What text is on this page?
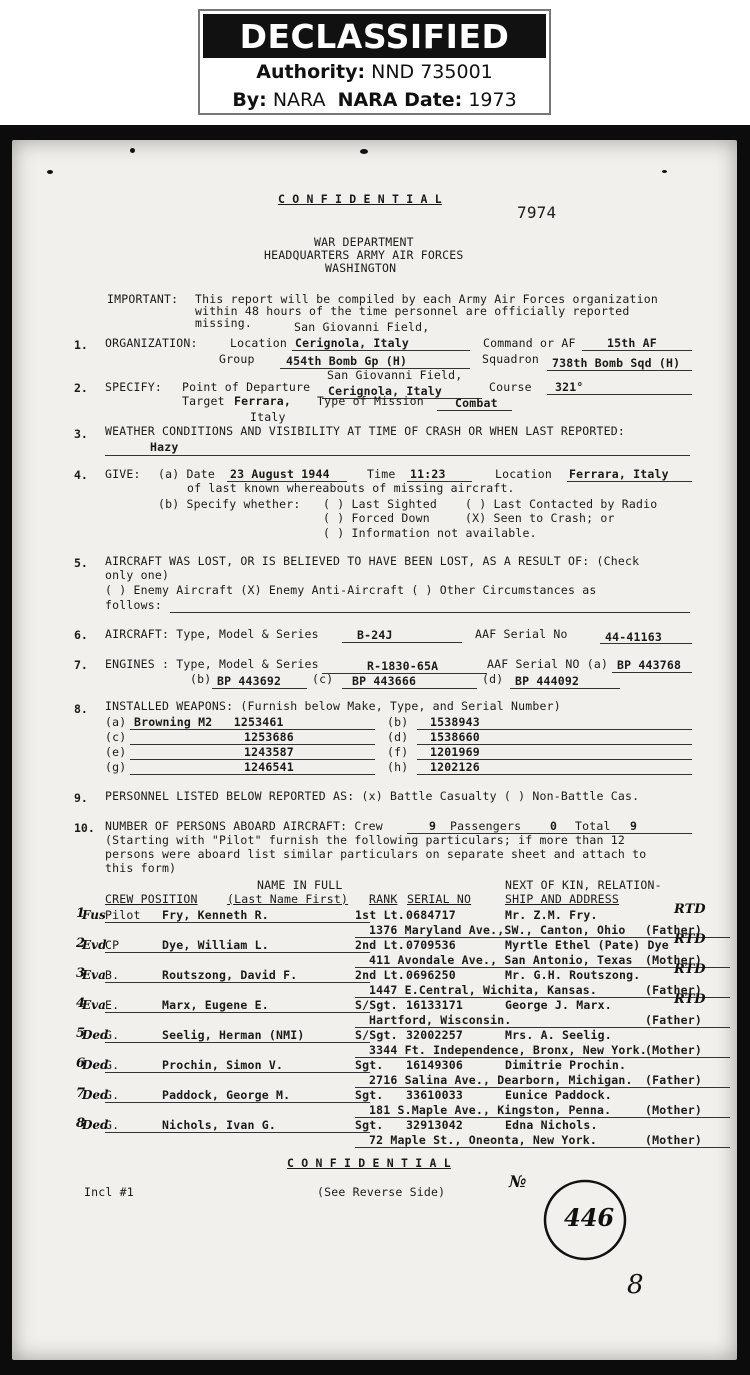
DECLASSIFIED
Authority: NND 735001
By: NARA NARA Date: 1973
C O N F I D E N T I A L
7974
WAR DEPARTMENT
HEADQUARTERS ARMY AIR FORCES
WASHINGTON
IMPORTANT: This report will be compiled by each Army Air Forces organization
within 48 hours of the time personnel are officially reported
missing.
1.
San Giovanni Field,
ORGANIZATION:	Location Cerignola, Italy	Command or AF	15th AF
Group	454th Bomb Gp (H)	Squadron 738th Bomb Sqd (H)
San Giovanni Field,
2. SPECIFY: Point of Departure Cerignola, Italy	Course 321°
Target Ferrara,
Italy
Type of Mission	Combat
3. WEATHER CONDITIONS AND VISIBILITY AT TIME OF CRASH OR WHEN LAST REPORTED:
Hazy
4. GIVE: (a) Date 23 August 1944	Time 11:23	Location Ferrara, Italy
of last known whereabouts of missing aircraft.
(b) Specify whether: ( ) Last Sighted ( ) Last Contacted by Radio
( ) Forced Down	(X) Seen to Crash; or
( ) Information not available.
5. AIRCRAFT WAS LOST, OR IS BELIEVED TO HAVE BEEN LOST, AS A RESULT OF: (Check
only one)
( ) Enemy Aircraft (X) Enemy Anti-Aircraft ( ) Other Circumstances as
follows:
6. AIRCRAFT: Type, Model & Series	B-24J	AAF Serial No	44-41163
7. ENGINES : Type, Model & Series	R-1830-65A	AAF Serial NO (a) BP 443768
(b) BP 443692	(c) BP 443666	(d) BP 444092
8. INSTALLED WEAPONS: (Furnish below Make, Type, and Serial Number)
(a) Browning M2   1253461	(b) 1538943
(c)	1253686	(d) 1538660
(e)	1243587	(f) 1201969
(g)	1246541	(h) 1202126
9. PERSONNEL LISTED BELOW REPORTED AS: (x) Battle Casualty ( ) Non-Battle Cas.
10. NUMBER OF PERSONS ABOARD AIRCRAFT: Crew	9 Passengers	0 Total 9
(Starting with "Pilot" furnish the following particulars; if more than 12
persons were aboard list similar particulars on separate sheet and attach to
this form)
NAME IN FULL	NEXT OF KIN, RELATION-
CREW POSITION	(Last Name First) RANK SERIAL NO	SHIP AND ADDRESS
1
Fus Pilot Fry, Kenneth R.	1st Lt. 0684717	Mr. Z.M. Fry.	RTD
1376 Maryland Ave.,SW., Canton, Ohio (Father)
2
Evd
CP	Dye, William L.	2nd Lt. 0709536	Myrtle Ethel (Pate) Dye RTD
411 Avondale Ave., San Antonio, Texas (Mother)
3
Eva B.	Routszong, David F.	2nd Lt. 0696250	Mr. G.H. Routszong.	RTD
1447 E.Central, Wichita, Kansas.	(Father)
4
Eva E.	Marx, Eugene E.	S/Sgt. 16133171	George J. Marx.	RTD
Hartford, Wisconsin.	(Father)
5
Ded
G.	Seelig, Herman (NMI)	S/Sgt. 32002257	Mrs. A. Seelig.
3344 Ft. Independence, Bronx, New York.
(Mother)
6
Ded
G.	Prochin, Simon V.	Sgt. 16149306	Dimitrie Prochin.
2716 Salina Ave., Dearborn, Michigan. (Father)
7
Ded
G.	Paddock, George M.	Sgt. 33610033	Eunice Paddock.
181 S.Maple Ave., Kingston, Penna.	(Mother)
8
Ded
G.	Nichols, Ivan G.	Sgt. 32913042	Edna Nichols.
72 Maple St., Oneonta, New York.	(Mother)
C O N F I D E N T I A L
Incl #1	(See Reverse Side)
446
8
№
